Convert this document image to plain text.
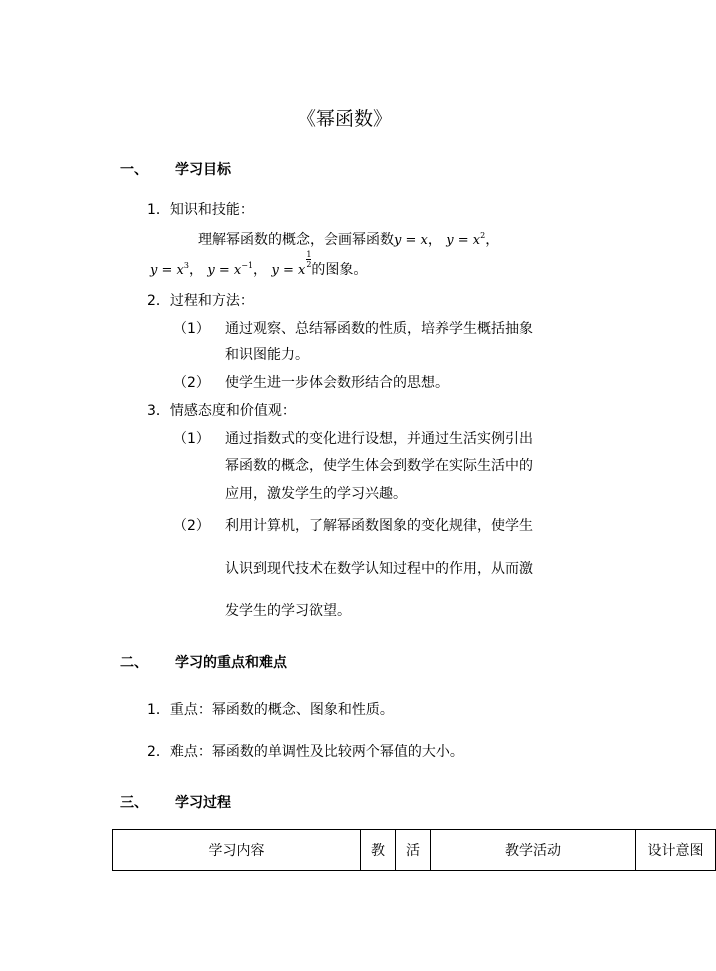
《幂函数》
一、 学习目标
1．知识和技能：
理解幂函数的概念，会画幂函数y = x， $y = x^2$，
$y = x^3$， $y = x^{-1}$， y = x
1
2 的图象。
2．过程和方法：
（1） 通过观察、总结幂函数的性质，培养学生概括抽象
和识图能力。
（2） 使学生进一步体会数形结合的思想。
3．情感态度和价值观：
（1） 通过指数式的变化进行设想，并通过生活实例引出
幂函数的概念，使学生体会到数学在实际生活中的
应用，激发学生的学习兴趣。
（2） 利用计算机，了解幂函数图象的变化规律，使学生
认识到现代技术在数学认知过程中的作用，从而激
发学生的学习欲望。
二、 学习的重点和难点
1．重点：幂函数的概念、图象和性质。
2．难点：幂函数的单调性及比较两个幂值的大小。
三、 学习过程
学习内容	教	活	教学活动	设计意图
